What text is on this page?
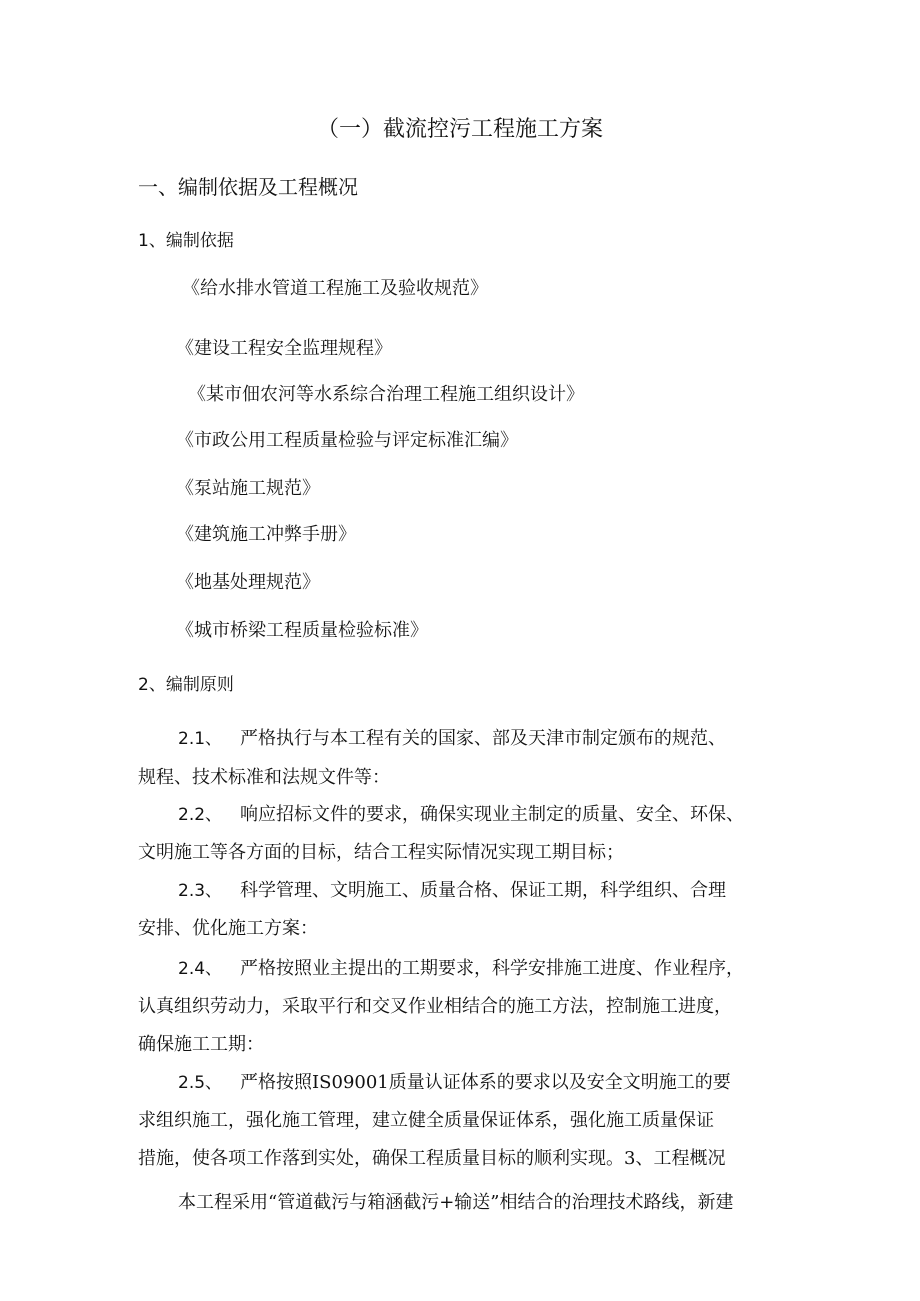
（一）截流控污工程施工方案
一、编制依据及工程概况
1、编制依据
《给水排水管道工程施工及验收规范》
《建设工程安全监理规程》
《某市佃农河等水系综合治理工程施工组织设计》
《市政公用工程质量检验与评定标准汇编》
《泵站施工规范》
《建筑施工冲弊手册》
《地基处理规范》
《城市桥梁工程质量检验标准》
2、编制原则
2.1、 严格执行与本工程有关的国家、部及天津市制定颁布的规范、
规程、技术标准和法规文件等：
2.2、 响应招标文件的要求，确保实现业主制定的质量、安全、环保、
文明施工等各方面的目标，结合工程实际情况实现工期目标；
2.3、 科学管理、文明施工、质量合格、保证工期，科学组织、合理
安排、优化施工方案：
2.4、 严格按照业主提出的工期要求，科学安排施工进度、作业程序，
认真组织劳动力，采取平行和交叉作业相结合的施工方法，控制施工进度，
确保施工工期：
2.5、 严格按照IS09001质量认证体系的要求以及安全文明施工的要
求组织施工，强化施工管理，建立健全质量保证体系，强化施工质量保证
措施，使各项工作落到实处，确保工程质量目标的顺利实现。3、工程概况
本工程采用“管道截污与箱涵截污+输送”相结合的治理技术路线，新建
